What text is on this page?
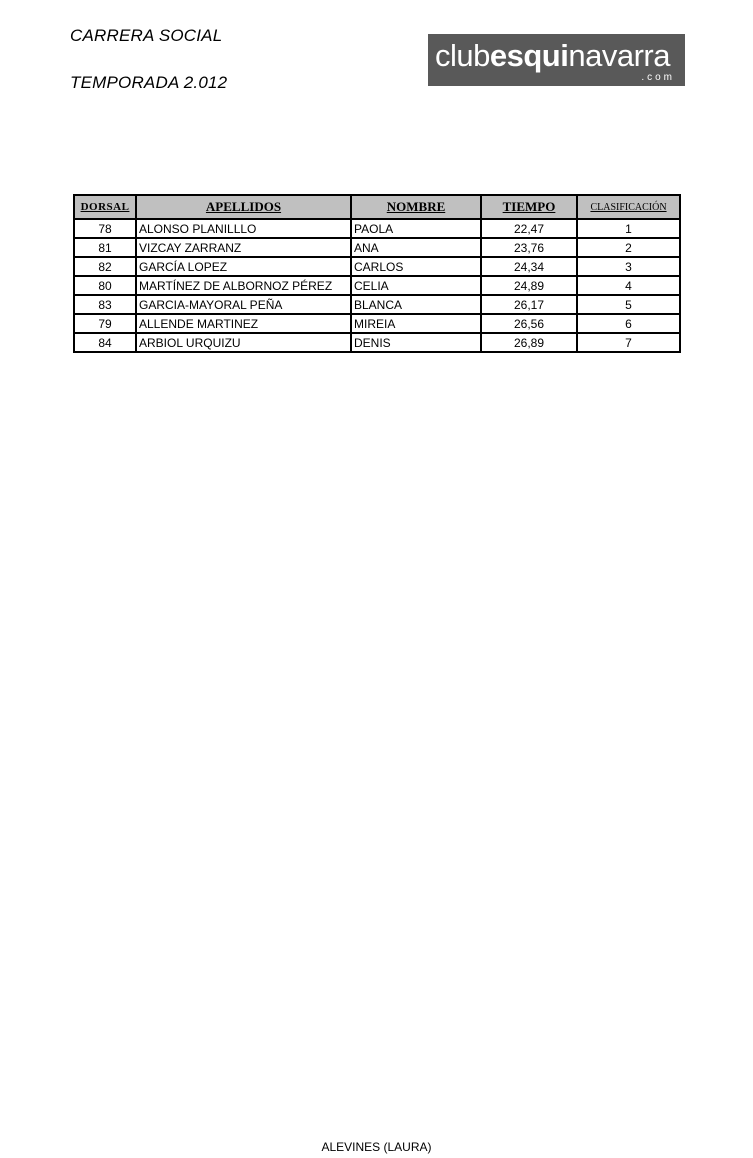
CARRERA SOCIAL
TEMPORADA 2.012
clubesquinavarra
.com
DORSAL	APELLIDOS	NOMBRE	TIEMPO	CLASIFICACIÓN
78	ALONSO PLANILLLO	PAOLA	22,47	1
81	VIZCAY ZARRANZ	ANA	23,76	2
82	GARCÍA LOPEZ	CARLOS	24,34	3
80	MARTÍNEZ DE ALBORNOZ PÉREZ	CELIA	24,89	4
83	GARCIA-MAYORAL PEÑA	BLANCA	26,17	5
79	ALLENDE MARTINEZ	MIREIA	26,56	6
84	ARBIOL URQUIZU	DENIS	26,89	7
ALEVINES (LAURA)
